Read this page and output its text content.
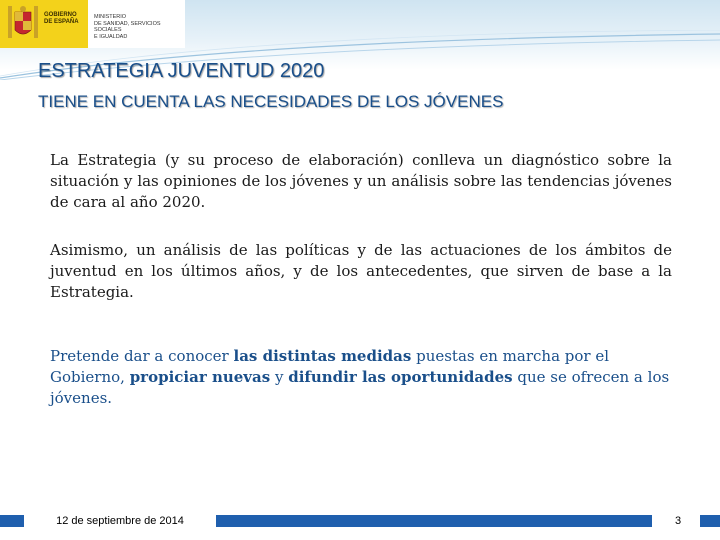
GOBIERNO
DE ESPAÑA
MINISTERIO
DE SANIDAD, SERVICIOS SOCIALES
E IGUALDAD
ESTRATEGIA JUVENTUD 2020
TIENE EN CUENTA LAS NECESIDADES DE LOS JÓVENES
La Estrategia (y su proceso de elaboración) conlleva un diagnóstico sobre la situación y las opiniones de los jóvenes y un análisis sobre las tendencias jóvenes de cara al año 2020.
Asimismo, un análisis de las políticas y de las actuaciones de los ámbitos de juventud en los últimos años, y de los antecedentes, que sirven de base a la Estrategia.
Pretende dar a conocer las distintas medidas puestas en marcha por el Gobierno, propiciar nuevas y difundir las oportunidades que se ofrecen a los jóvenes.
12 de septiembre de 2014	3
